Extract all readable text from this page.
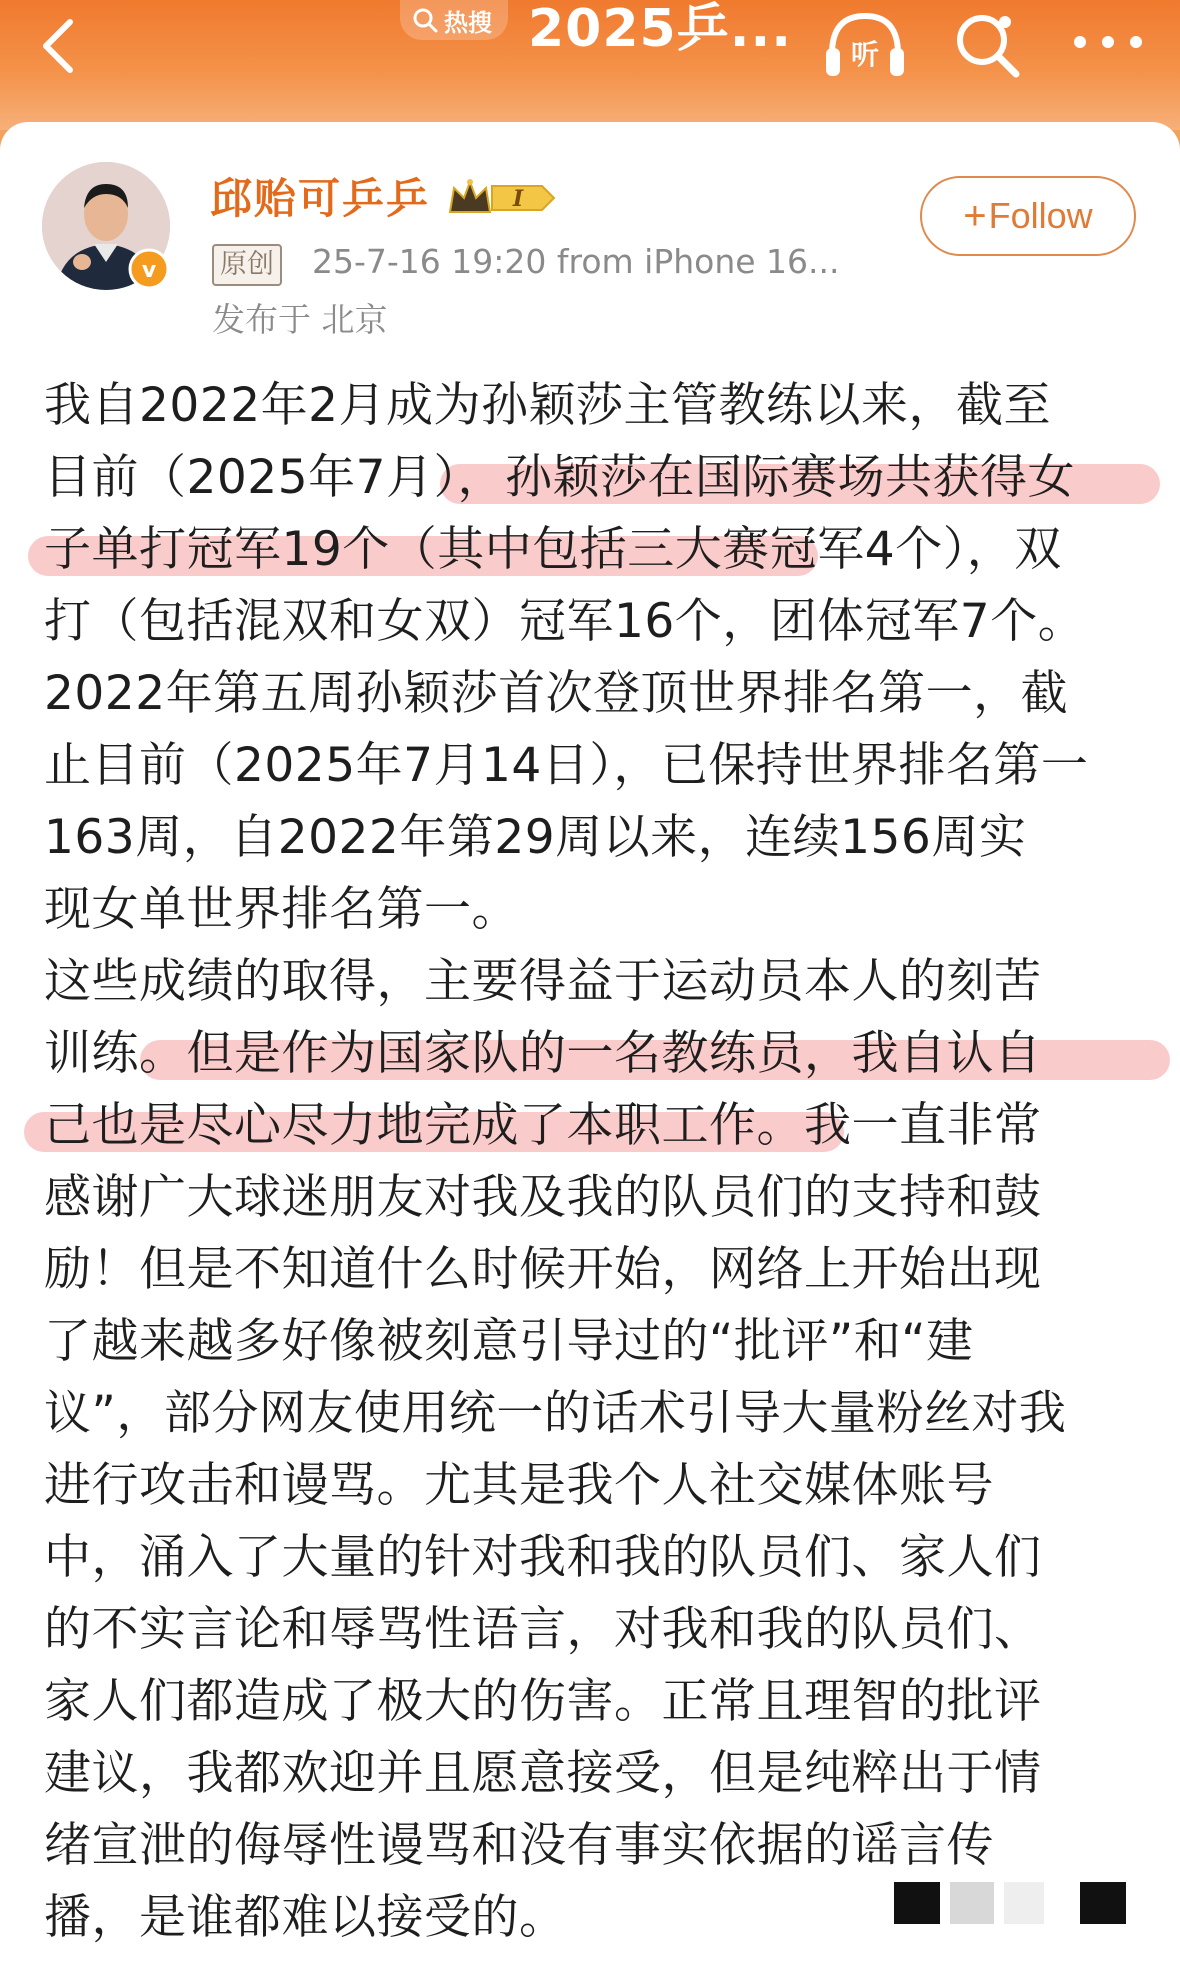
热搜 2025乒... 听
v
邱贻可乒乒	I
原创 25-7-16 19:20 from iPhone 16...
发布于 北京
+ Follow
我自2022年2月成为孙颖莎主管教练以来，截至
目前（2025年7月），孙颖莎在国际赛场共获得女
子单打冠军19个（其中包括三大赛冠军4个），双
打（包括混双和女双）冠军16个，团体冠军7个。
2022年第五周孙颖莎首次登顶世界排名第一，截
止目前（2025年7月14日），已保持世界排名第一
163周，自2022年第29周以来，连续156周实
现女单世界排名第一。
这些成绩的取得，主要得益于运动员本人的刻苦
训练。但是作为国家队的一名教练员，我自认自
己也是尽心尽力地完成了本职工作。我一直非常
感谢广大球迷朋友对我及我的队员们的支持和鼓
励！但是不知道什么时候开始，网络上开始出现
了越来越多好像被刻意引导过的“批评”和“建
议”，部分网友使用统一的话术引导大量粉丝对我
进行攻击和谩骂。尤其是我个人社交媒体账号
中，涌入了大量的针对我和我的队员们、家人们
的不实言论和辱骂性语言，对我和我的队员们、
家人们都造成了极大的伤害。正常且理智的批评
建议，我都欢迎并且愿意接受，但是纯粹出于情
绪宣泄的侮辱性谩骂和没有事实依据的谣言传
播，是谁都难以接受的。
